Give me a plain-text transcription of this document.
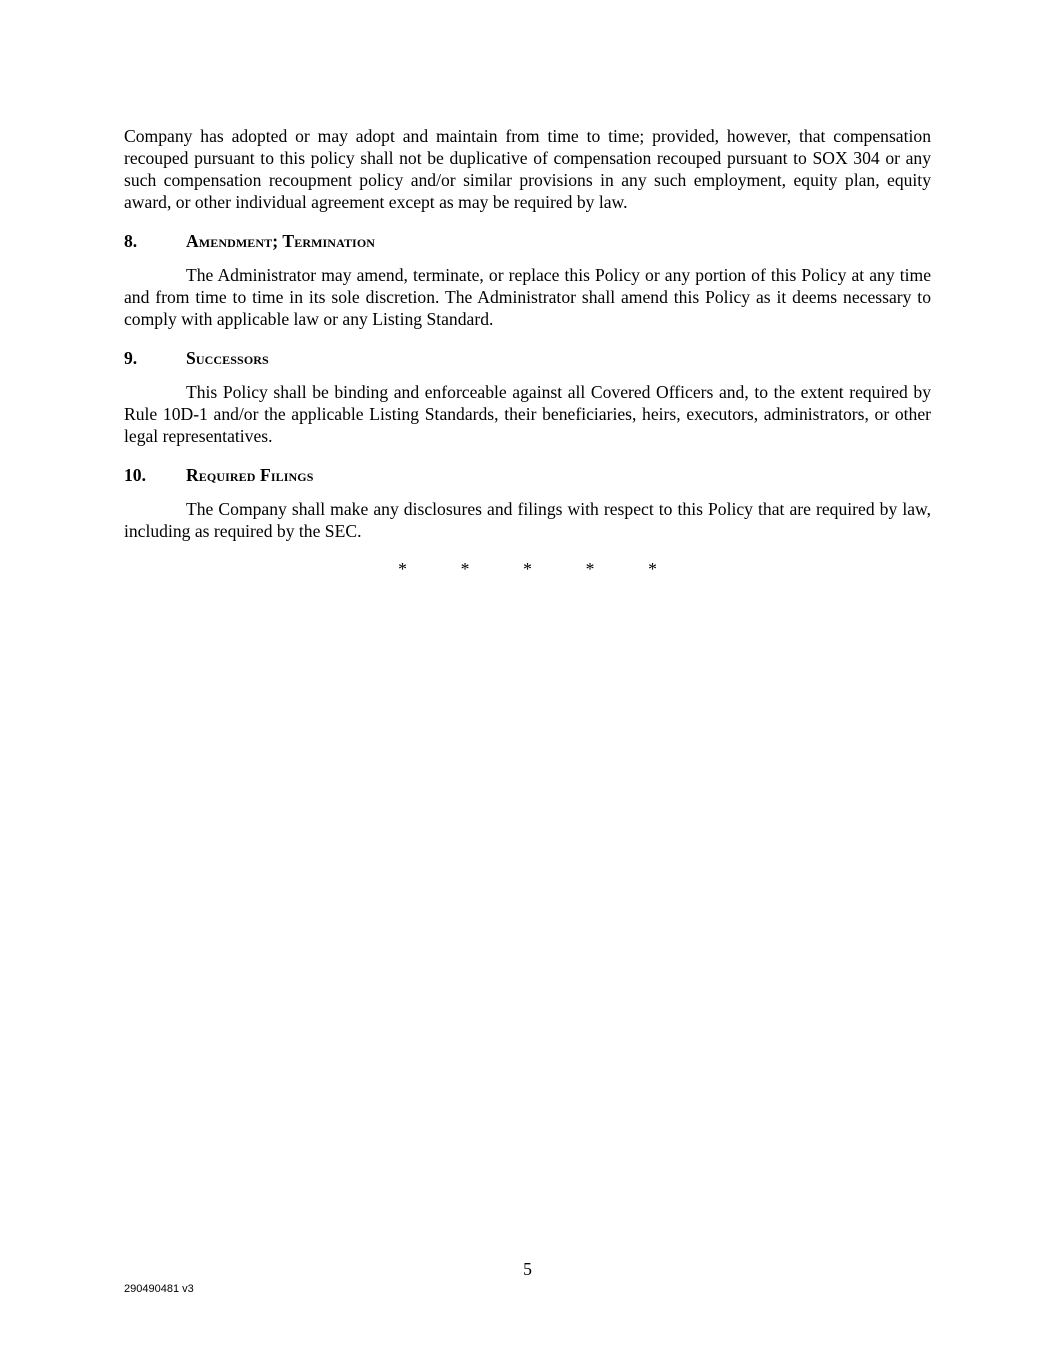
Company has adopted or may adopt and maintain from time to time; provided, however, that compensation recouped pursuant to this policy shall not be duplicative of compensation recouped pursuant to SOX 304 or any such compensation recoupment policy and/or similar provisions in any such employment, equity plan, equity award, or other individual agreement except as may be required by law.

8.	Amendment; Termination

The Administrator may amend, terminate, or replace this Policy or any portion of this Policy at any time and from time to time in its sole discretion. The Administrator shall amend this Policy as it deems necessary to comply with applicable law or any Listing Standard.

9.	Successors

This Policy shall be binding and enforceable against all Covered Officers and, to the extent required by Rule 10D-1 and/or the applicable Listing Standards, their beneficiaries, heirs, executors, administrators, or other legal representatives.

10.	Required Filings

The Company shall make any disclosures and filings with respect to this Policy that are required by law, including as required by the SEC.

*	*	*	*	*
5
290490481 v3
